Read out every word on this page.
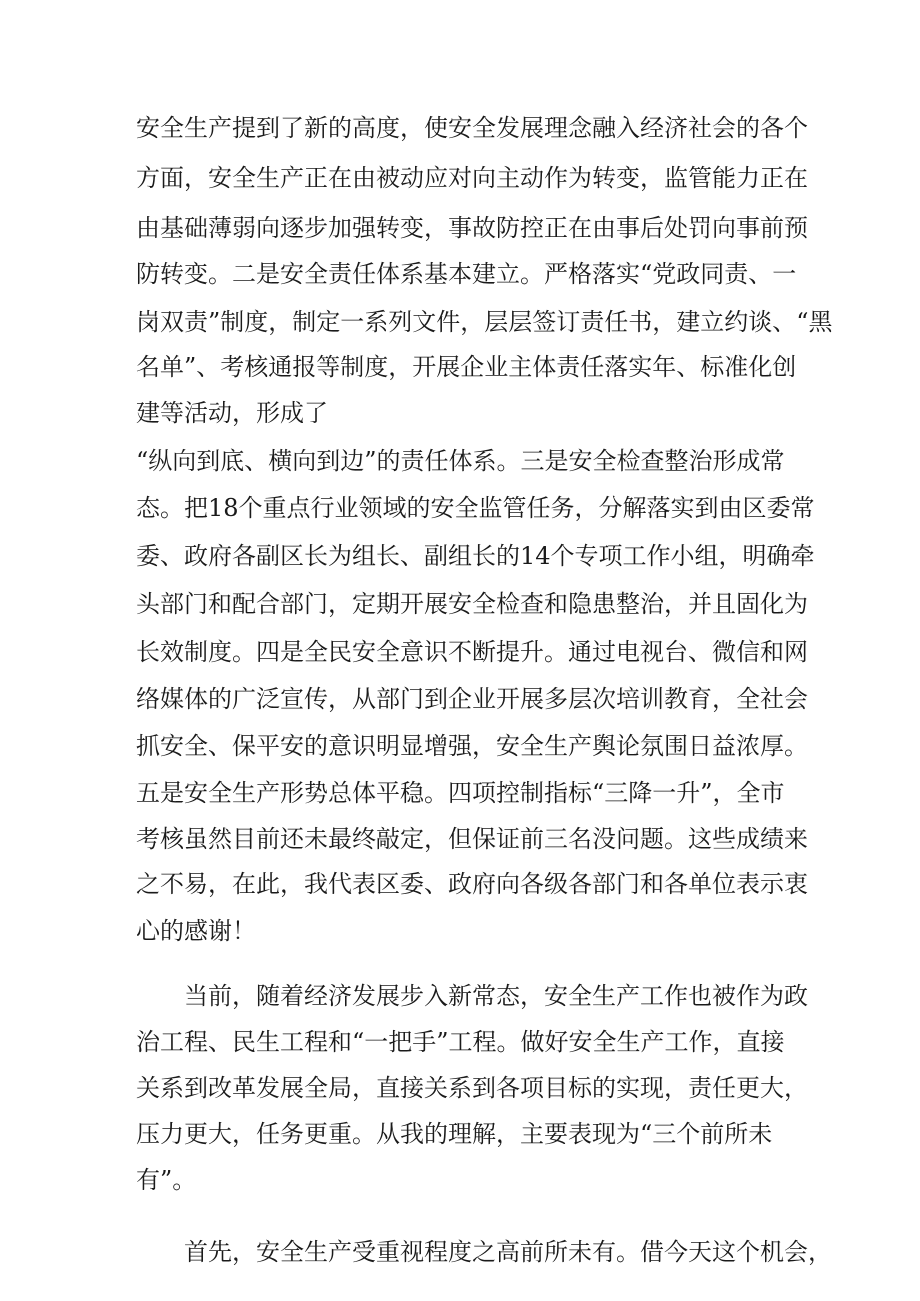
安全生产提到了新的高度，使安全发展理念融入经济社会的各个
方面，安全生产正在由被动应对向主动作为转变，监管能力正在
由基础薄弱向逐步加强转变，事故防控正在由事后处罚向事前预
防转变。二是安全责任体系基本建立。严格落实“党政同责、一
岗双责”制度，制定一系列文件，层层签订责任书，建立约谈、“黑
名单”、考核通报等制度，开展企业主体责任落实年、标准化创
建等活动，形成了
“纵向到底、横向到边”的责任体系。三是安全检查整治形成常
态。把18个重点行业领域的安全监管任务，分解落实到由区委常
委、政府各副区长为组长、副组长的14个专项工作小组，明确牵
头部门和配合部门，定期开展安全检查和隐患整治，并且固化为
长效制度。四是全民安全意识不断提升。通过电视台、微信和网
络媒体的广泛宣传，从部门到企业开展多层次培训教育，全社会
抓安全、保平安的意识明显增强，安全生产舆论氛围日益浓厚。
五是安全生产形势总体平稳。四项控制指标“三降一升”，全市
考核虽然目前还未最终敲定，但保证前三名没问题。这些成绩来
之不易，在此，我代表区委、政府向各级各部门和各单位表示衷
心的感谢！
当前，随着经济发展步入新常态，安全生产工作也被作为政
治工程、民生工程和“一把手”工程。做好安全生产工作，直接
关系到改革发展全局，直接关系到各项目标的实现，责任更大，
压力更大，任务更重。从我的理解，主要表现为“三个前所未
有”。
首先，安全生产受重视程度之高前所未有。借今天这个机会，
